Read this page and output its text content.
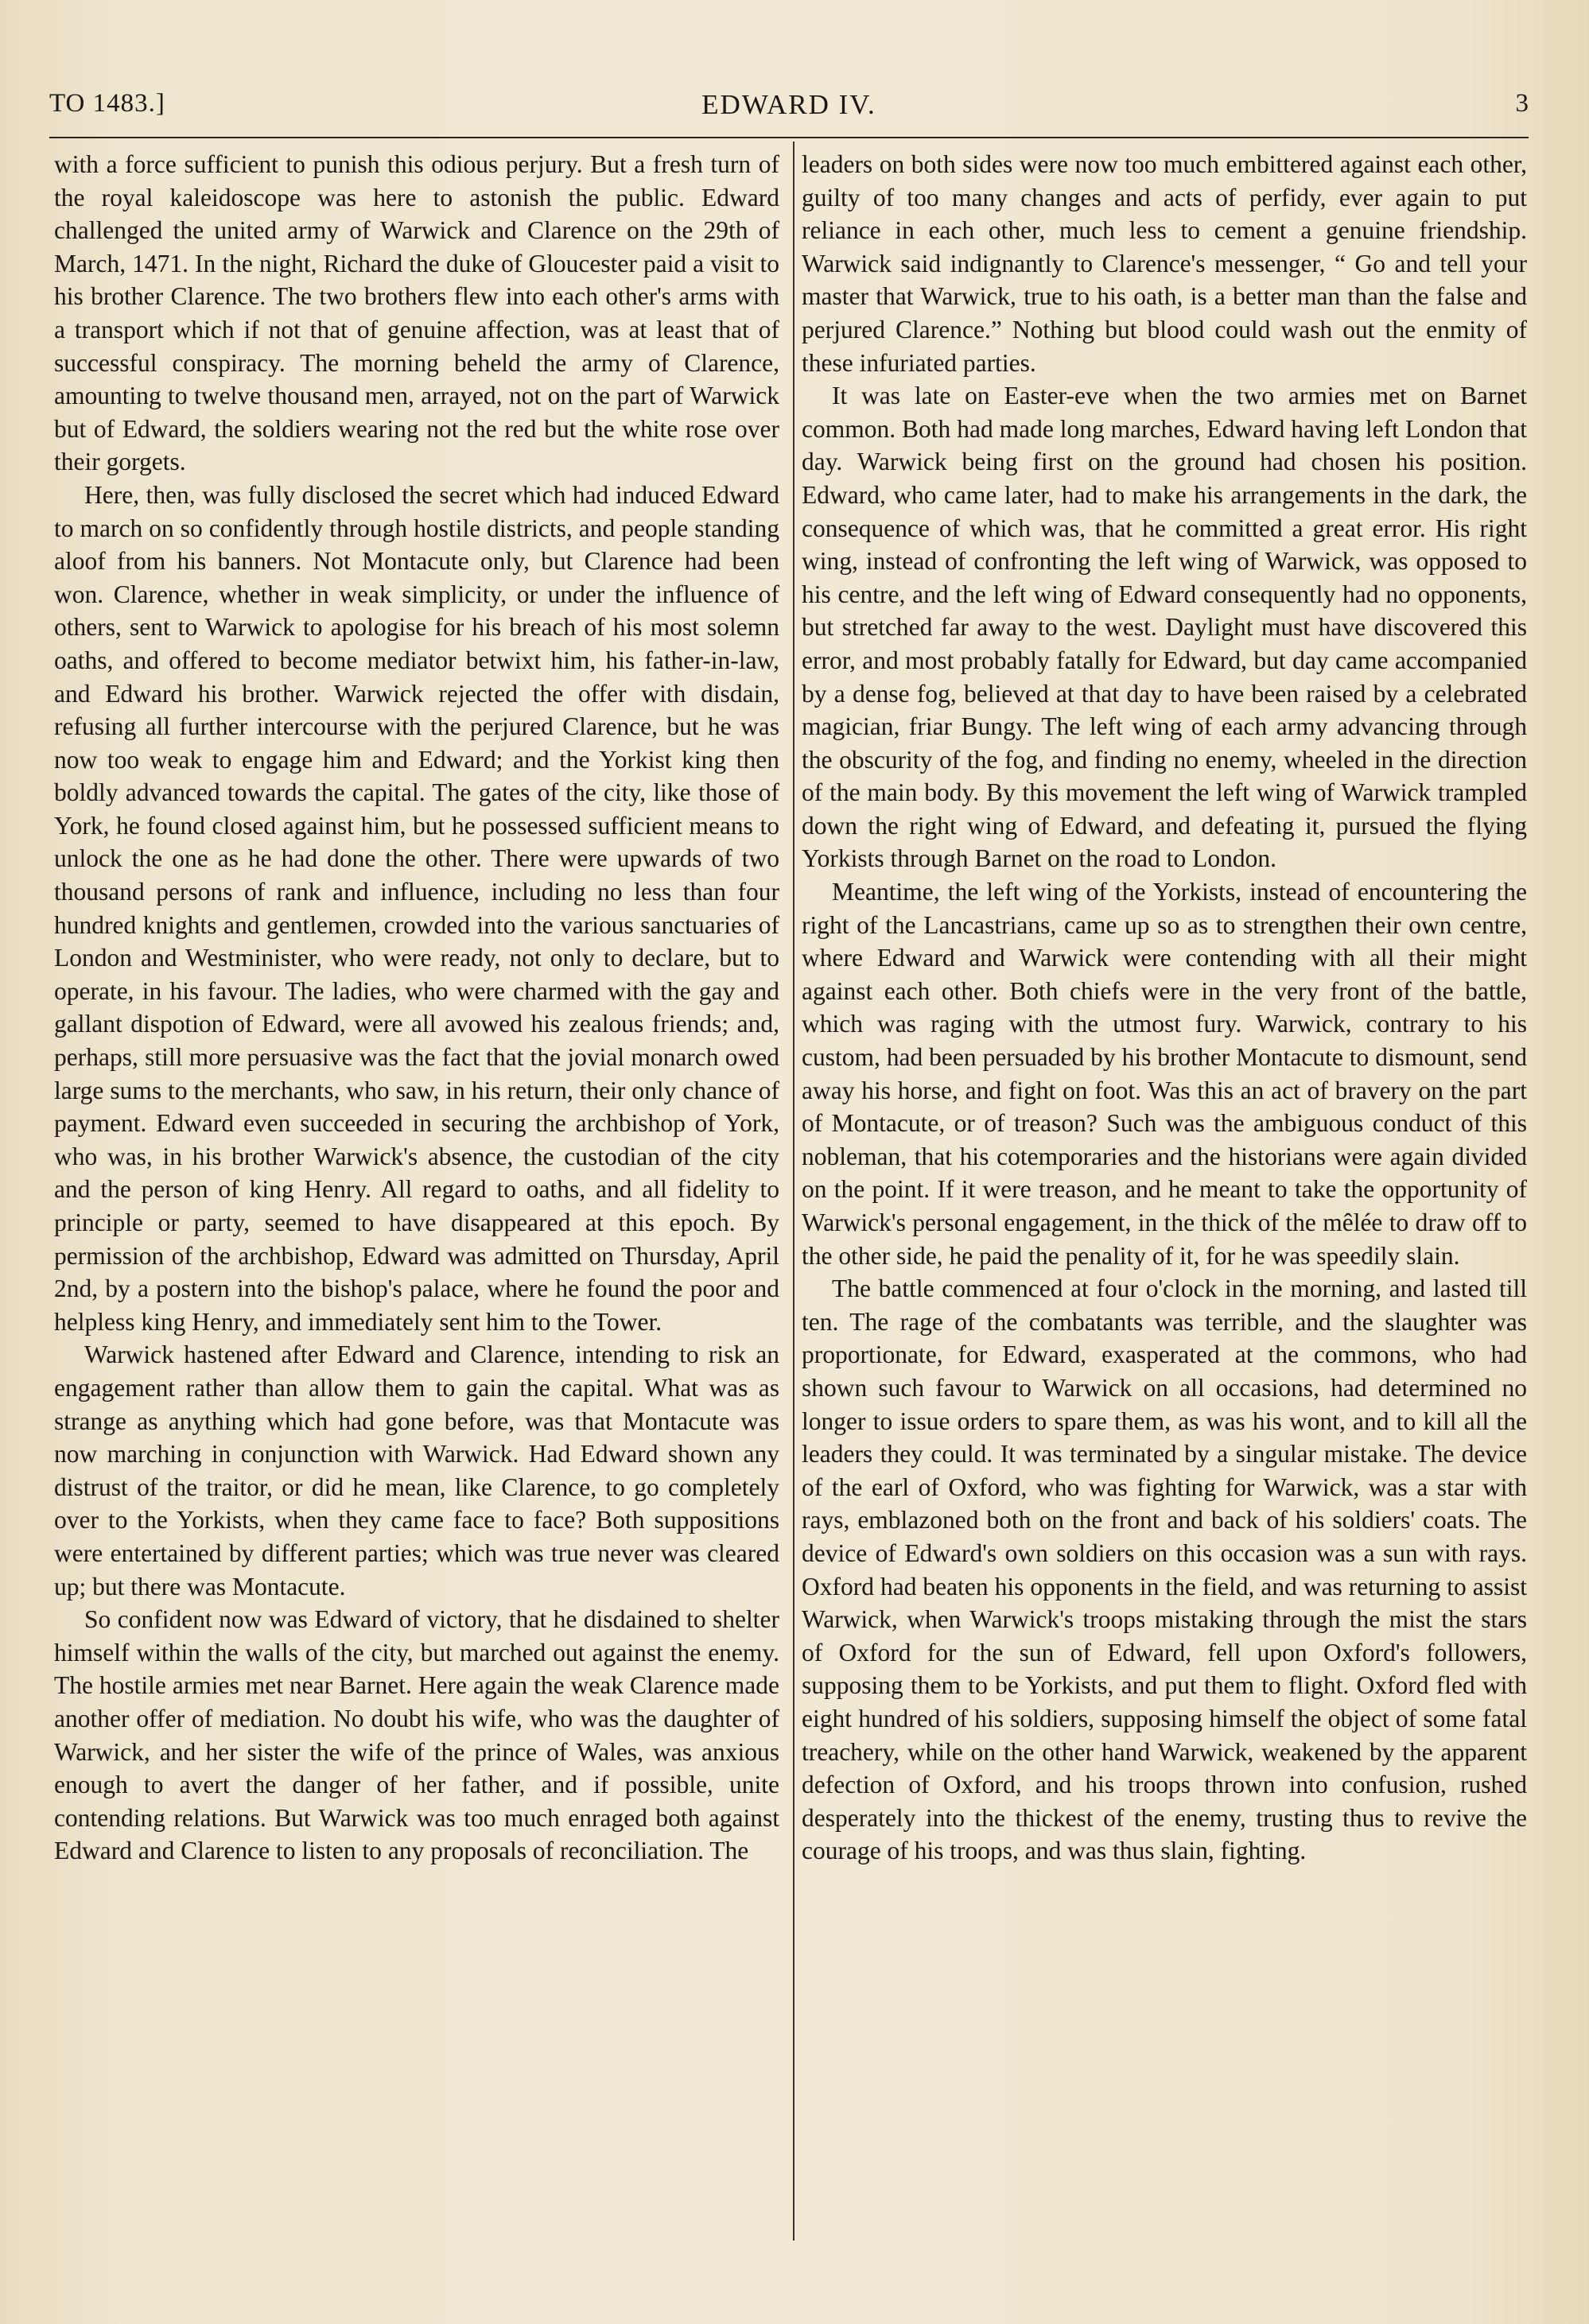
TO 1483.]	EDWARD IV.	3

with a force sufficient to punish this odious perjury. But a fresh turn of the royal kaleidoscope was here to astonish the public. Edward challenged the united army of Warwick and Clarence on the 29th of March, 1471. In the night, Richard the duke of Gloucester paid a visit to his brother Clarence. The two brothers flew into each other's arms with a transport which if not that of genuine affection, was at least that of successful conspiracy. The morning beheld the army of Clarence, amounting to twelve thousand men, arrayed, not on the part of Warwick but of Edward, the soldiers wearing not the red but the white rose over their gorgets.

Here, then, was fully disclosed the secret which had induced Edward to march on so confidently through hostile districts, and people standing aloof from his banners. Not Montacute only, but Clarence had been won. Clarence, whether in weak simplicity, or under the influence of others, sent to Warwick to apologise for his breach of his most solemn oaths, and offered to become mediator betwixt him, his father-in-law, and Edward his brother. Warwick rejected the offer with disdain, refusing all further intercourse with the perjured Clarence, but he was now too weak to engage him and Edward; and the Yorkist king then boldly advanced towards the capital. The gates of the city, like those of York, he found closed against him, but he possessed sufficient means to unlock the one as he had done the other. There were upwards of two thousand persons of rank and influence, including no less than four hundred knights and gentlemen, crowded into the various sanctuaries of London and Westminister, who were ready, not only to declare, but to operate, in his favour. The ladies, who were charmed with the gay and gallant dispotion of Edward, were all avowed his zealous friends; and, perhaps, still more persuasive was the fact that the jovial monarch owed large sums to the merchants, who saw, in his return, their only chance of payment. Edward even succeeded in securing the archbishop of York, who was, in his brother Warwick's absence, the custodian of the city and the person of king Henry. All regard to oaths, and all fidelity to principle or party, seemed to have disappeared at this epoch. By permission of the archbishop, Edward was admitted on Thursday, April 2nd, by a postern into the bishop's palace, where he found the poor and helpless king Henry, and immediately sent him to the Tower.

Warwick hastened after Edward and Clarence, intending to risk an engagement rather than allow them to gain the capital. What was as strange as anything which had gone before, was that Montacute was now marching in conjunction with Warwick. Had Edward shown any distrust of the traitor, or did he mean, like Clarence, to go completely over to the Yorkists, when they came face to face? Both suppositions were entertained by different parties; which was true never was cleared up; but there was Montacute.

So confident now was Edward of victory, that he disdained to shelter himself within the walls of the city, but marched out against the enemy. The hostile armies met near Barnet. Here again the weak Clarence made another offer of mediation. No doubt his wife, who was the daughter of Warwick, and her sister the wife of the prince of Wales, was anxious enough to avert the danger of her father, and if possible, unite contending relations. But Warwick was too much enraged both against Edward and Clarence to listen to any proposals of reconciliation. The

leaders on both sides were now too much embittered against each other, guilty of too many changes and acts of perfidy, ever again to put reliance in each other, much less to cement a genuine friendship. Warwick said indignantly to Clarence's messenger, “ Go and tell your master that Warwick, true to his oath, is a better man than the false and perjured Clarence.” Nothing but blood could wash out the enmity of these infuriated parties.

It was late on Easter-eve when the two armies met on Barnet common. Both had made long marches, Edward having left London that day. Warwick being first on the ground had chosen his position. Edward, who came later, had to make his arrangements in the dark, the consequence of which was, that he committed a great error. His right wing, instead of confronting the left wing of Warwick, was opposed to his centre, and the left wing of Edward consequently had no opponents, but stretched far away to the west. Daylight must have discovered this error, and most probably fatally for Edward, but day came accompanied by a dense fog, believed at that day to have been raised by a celebrated magician, friar Bungy. The left wing of each army advancing through the obscurity of the fog, and finding no enemy, wheeled in the direction of the main body. By this movement the left wing of Warwick trampled down the right wing of Edward, and defeating it, pursued the flying Yorkists through Barnet on the road to London.

Meantime, the left wing of the Yorkists, instead of encountering the right of the Lancastrians, came up so as to strengthen their own centre, where Edward and Warwick were contending with all their might against each other. Both chiefs were in the very front of the battle, which was raging with the utmost fury. Warwick, contrary to his custom, had been persuaded by his brother Montacute to dismount, send away his horse, and fight on foot. Was this an act of bravery on the part of Montacute, or of treason? Such was the ambiguous conduct of this nobleman, that his cotemporaries and the historians were again divided on the point. If it were treason, and he meant to take the opportunity of Warwick's personal engagement, in the thick of the mêlée to draw off to the other side, he paid the penality of it, for he was speedily slain.

The battle commenced at four o'clock in the morning, and lasted till ten. The rage of the combatants was terrible, and the slaughter was proportionate, for Edward, exasperated at the commons, who had shown such favour to Warwick on all occasions, had determined no longer to issue orders to spare them, as was his wont, and to kill all the leaders they could. It was terminated by a singular mistake. The device of the earl of Oxford, who was fighting for Warwick, was a star with rays, emblazoned both on the front and back of his soldiers' coats. The device of Edward's own soldiers on this occasion was a sun with rays. Oxford had beaten his opponents in the field, and was returning to assist Warwick, when Warwick's troops mistaking through the mist the stars of Oxford for the sun of Edward, fell upon Oxford's followers, supposing them to be Yorkists, and put them to flight. Oxford fled with eight hundred of his soldiers, supposing himself the object of some fatal treachery, while on the other hand Warwick, weakened by the apparent defection of Oxford, and his troops thrown into confusion, rushed desperately into the thickest of the enemy, trusting thus to revive the courage of his troops, and was thus slain, fighting.
